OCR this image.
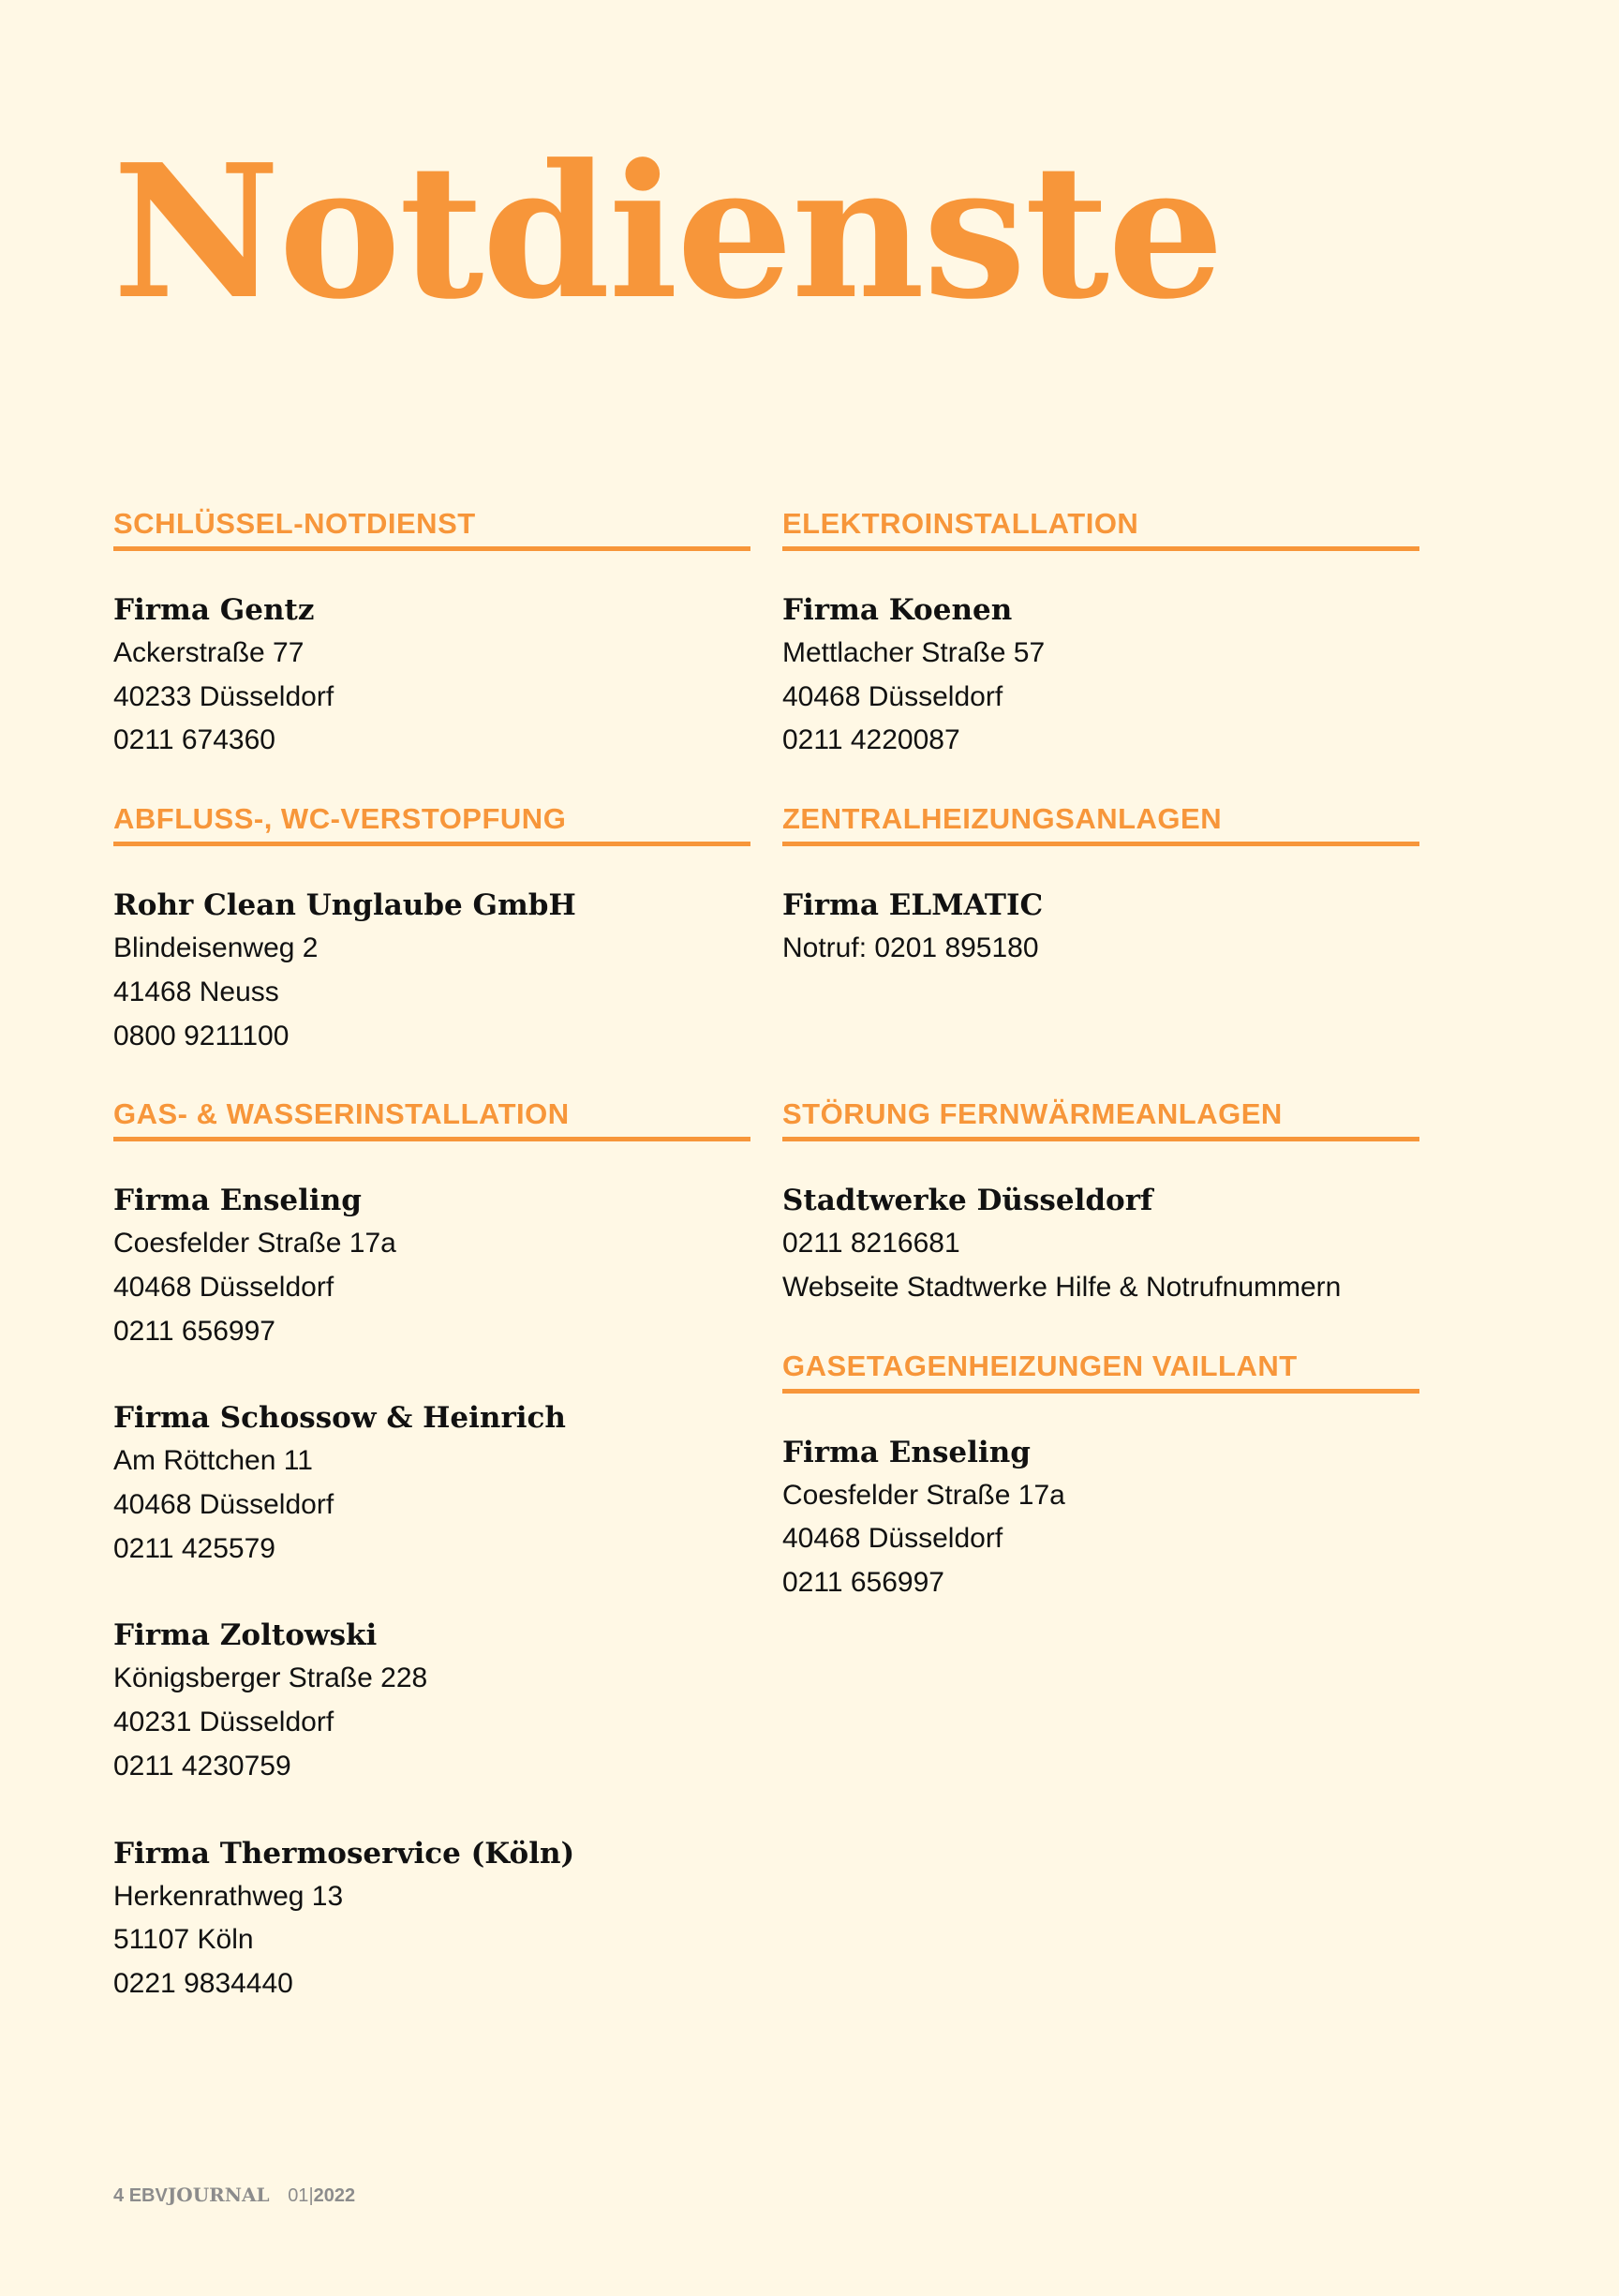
Notdienste
SCHLÜSSEL-NOTDIENST
Firma Gentz
Ackerstraße 77
40233 Düsseldorf
0211 674360
ABFLUSS-, WC-VERSTOPFUNG
Rohr Clean Unglaube GmbH
Blindeisenweg 2
41468 Neuss
0800 9211100
GAS- & WASSERINSTALLATION
Firma Enseling
Coesfelder Straße 17a
40468 Düsseldorf
0211 656997
Firma Schossow & Heinrich
Am Röttchen 11
40468 Düsseldorf
0211 425579
Firma Zoltowski
Königsberger Straße 228
40231 Düsseldorf
0211 4230759
Firma Thermoservice (Köln)
Herkenrathweg 13
51107 Köln
0221 9834440
ELEKTROINSTALLATION
Firma Koenen
Mettlacher Straße 57
40468 Düsseldorf
0211 4220087
ZENTRALHEIZUNGSANLAGEN
Firma ELMATIC
Notruf: 0201 895180

STÖRUNG FERNWÄRMEANLAGEN
Stadtwerke Düsseldorf
0211 8216681
Webseite Stadtwerke Hilfe & Notrufnummern
GASETAGENHEIZUNGEN VAILLANT
Firma Enseling
Coesfelder Straße 17a
40468 Düsseldorf
0211 656997
4 EBVJOURNAL 01|2022
